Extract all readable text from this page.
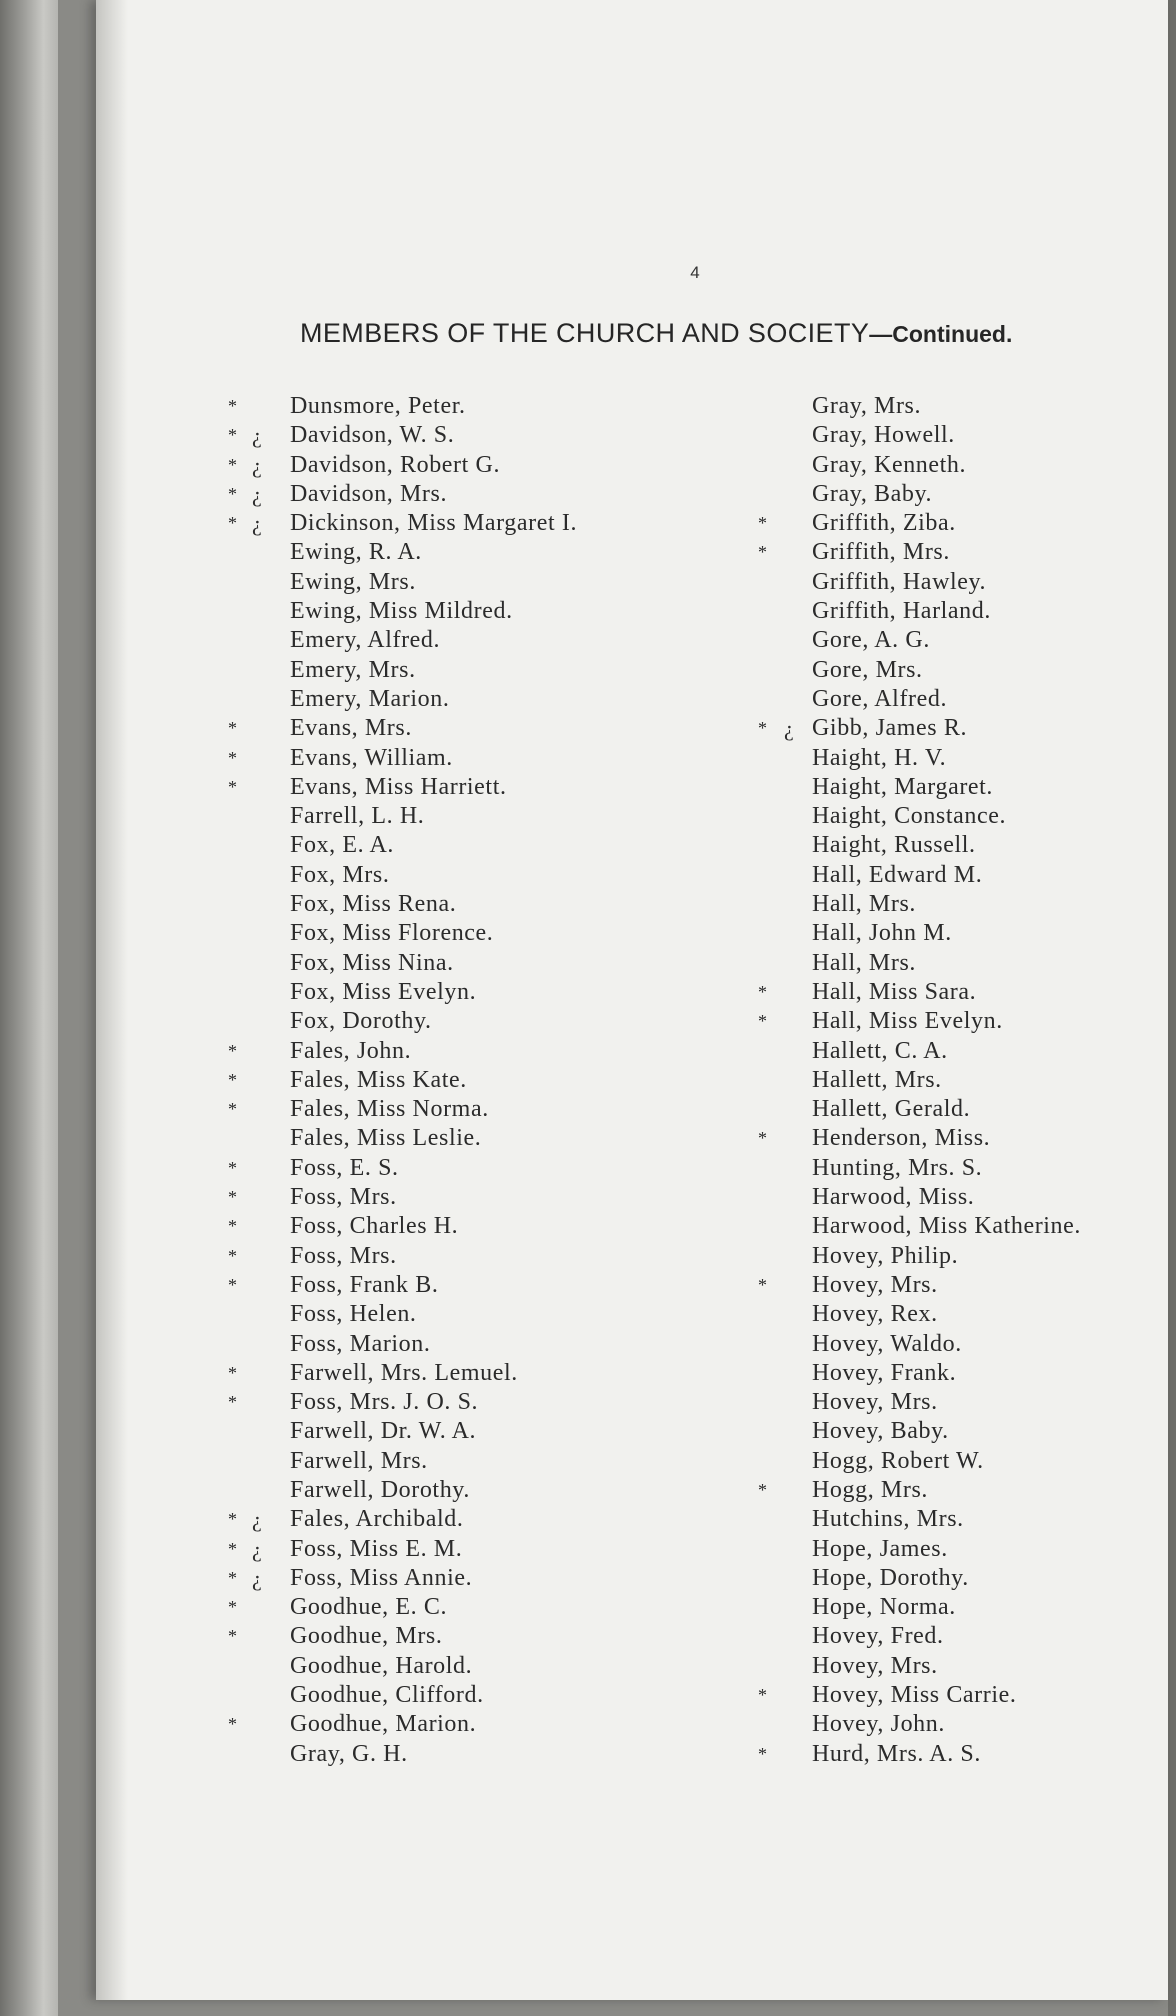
4
MEMBERS OF THE CHURCH AND SOCIETY—Continued.
* Dunsmore, Peter.
* ¿ Davidson, W. S.
* ¿ Davidson, Robert G.
* ¿ Davidson, Mrs.
* ¿ Dickinson, Miss Margaret I.
Ewing, R. A.
Ewing, Mrs.
Ewing, Miss Mildred.
Emery, Alfred.
Emery, Mrs.
Emery, Marion.
* Evans, Mrs.
* Evans, William.
* Evans, Miss Harriett.
Farrell, L. H.
Fox, E. A.
Fox, Mrs.
Fox, Miss Rena.
Fox, Miss Florence.
Fox, Miss Nina.
Fox, Miss Evelyn.
Fox, Dorothy.
* Fales, John.
* Fales, Miss Kate.
* Fales, Miss Norma.
Fales, Miss Leslie.
* Foss, E. S.
* Foss, Mrs.
* Foss, Charles H.
* Foss, Mrs.
* Foss, Frank B.
Foss, Helen.
Foss, Marion.
* Farwell, Mrs. Lemuel.
* Foss, Mrs. J. O. S.
Farwell, Dr. W. A.
Farwell, Mrs.
Farwell, Dorothy.
* ¿ Fales, Archibald.
* ¿ Foss, Miss E. M.
* ¿ Foss, Miss Annie.
* Goodhue, E. C.
* Goodhue, Mrs.
Goodhue, Harold.
Goodhue, Clifford.
* Goodhue, Marion.
Gray, G. H.
Gray, Mrs.
Gray, Howell.
Gray, Kenneth.
Gray, Baby.
* Griffith, Ziba.
* Griffith, Mrs.
Griffith, Hawley.
Griffith, Harland.
Gore, A. G.
Gore, Mrs.
Gore, Alfred.
* ¿ Gibb, James R.
Haight, H. V.
Haight, Margaret.
Haight, Constance.
Haight, Russell.
Hall, Edward M.
Hall, Mrs.
Hall, John M.
Hall, Mrs.
* Hall, Miss Sara.
* Hall, Miss Evelyn.
Hallett, C. A.
Hallett, Mrs.
Hallett, Gerald.
* Henderson, Miss.
Hunting, Mrs. S.
Harwood, Miss.
Harwood, Miss Katherine.
Hovey, Philip.
* Hovey, Mrs.
Hovey, Rex.
Hovey, Waldo.
Hovey, Frank.
Hovey, Mrs.
Hovey, Baby.
Hogg, Robert W.
* Hogg, Mrs.
Hutchins, Mrs.
Hope, James.
Hope, Dorothy.
Hope, Norma.
Hovey, Fred.
Hovey, Mrs.
* Hovey, Miss Carrie.
Hovey, John.
* Hurd, Mrs. A. S.
